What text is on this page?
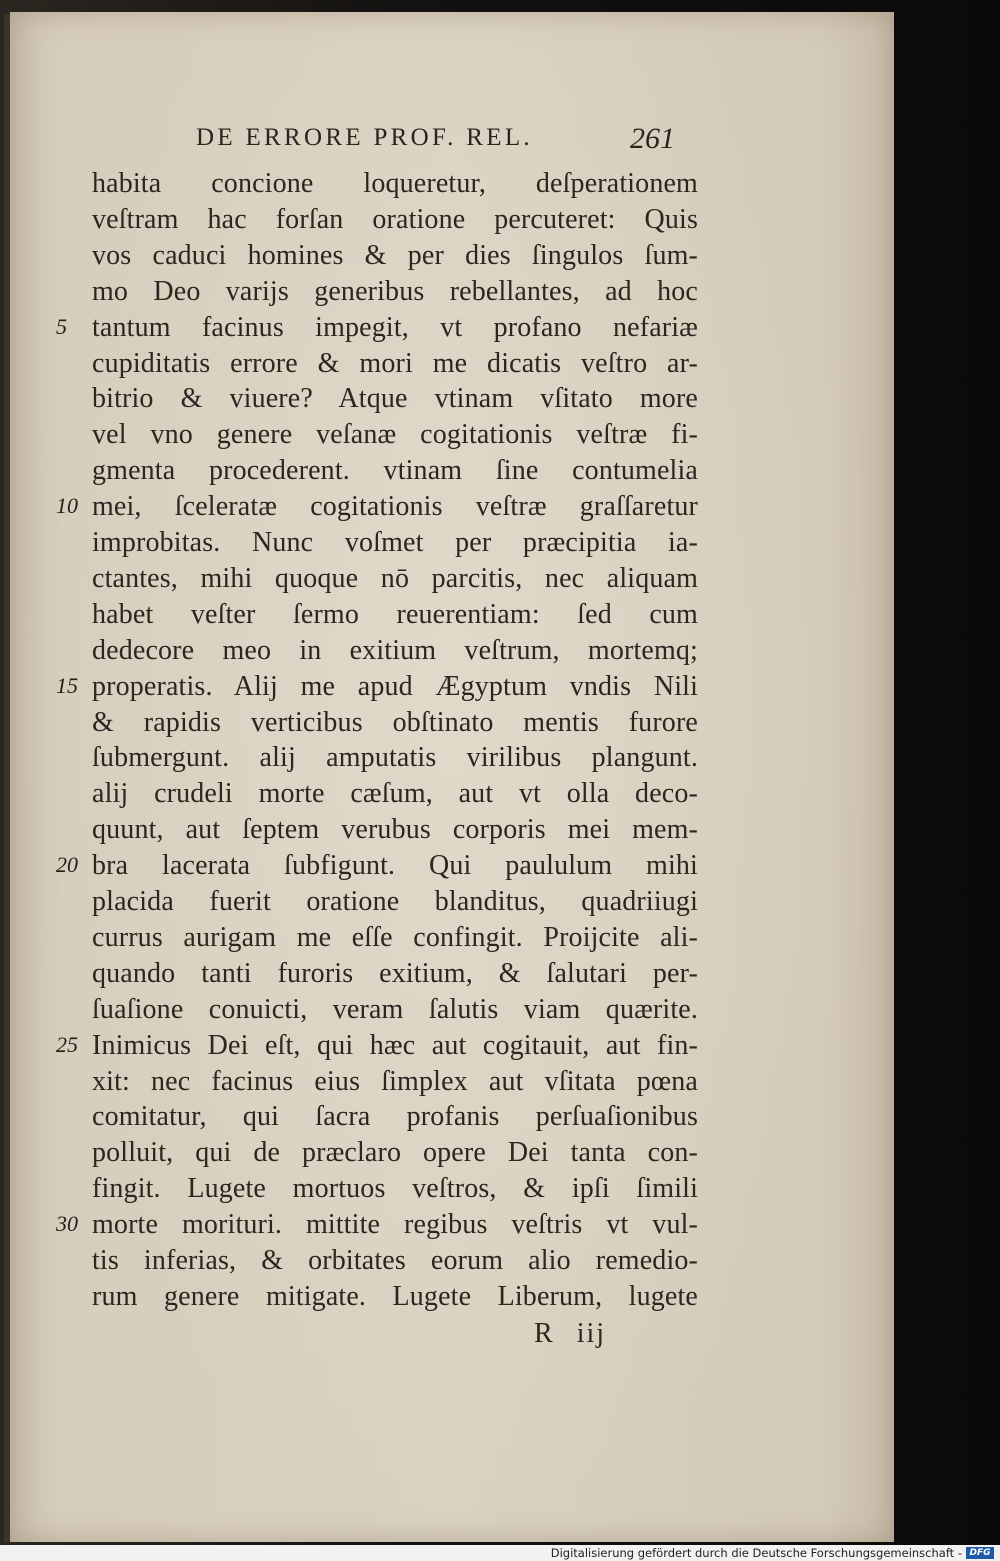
DE ERRORE PROF. REL.	261
habita concione loqueretur, deſperationem
veſtram hac forſan oratione percuteret: Quis
vos caduci homines & per dies ſingulos ſum-
mo Deo varijs generibus rebellantes, ad hoc
tantum facinus impegit, vt profano nefariæ
5
cupiditatis errore & mori me dicatis veſtro ar-
bitrio & viuere? Atque vtinam vſitato more
vel vno genere veſanæ cogitationis veſtræ fi-
gmenta procederent. vtinam ſine contumelia
mei, ſceleratæ cogitationis veſtræ graſſaretur
10
improbitas. Nunc voſmet per præcipitia ia-
ctantes, mihi quoque nō parcitis, nec aliquam
habet veſter ſermo reuerentiam: ſed cum
dedecore meo in exitium veſtrum, mortemq;
properatis. Alij me apud Ægyptum vndis Nili
15
& rapidis verticibus obſtinato mentis furore
ſubmergunt. alij amputatis virilibus plangunt.
alij crudeli morte cæſum, aut vt olla deco-
quunt, aut ſeptem verubus corporis mei mem-
bra lacerata ſubfigunt. Qui paululum mihi
20
placida fuerit oratione blanditus, quadriiugi
currus aurigam me eſſe confingit. Proijcite ali-
quando tanti furoris exitium, & ſalutari per-
ſuaſione conuicti, veram ſalutis viam quærite.
Inimicus Dei eſt, qui hæc aut cogitauit, aut fin-
25
xit: nec facinus eius ſimplex aut vſitata pœna
comitatur, qui ſacra profanis perſuaſionibus
polluit, qui de præclaro opere Dei tanta con-
fingit. Lugete mortuos veſtros, & ipſi ſimili
morte morituri. mittite regibus veſtris vt vul-
30
tis inferias, & orbitates eorum alio remedio-
rum genere mitigate. Lugete Liberum, lugete
R iij
Digitalisierung gefördert durch die Deutsche Forschungsgemeinschaft - DFG
